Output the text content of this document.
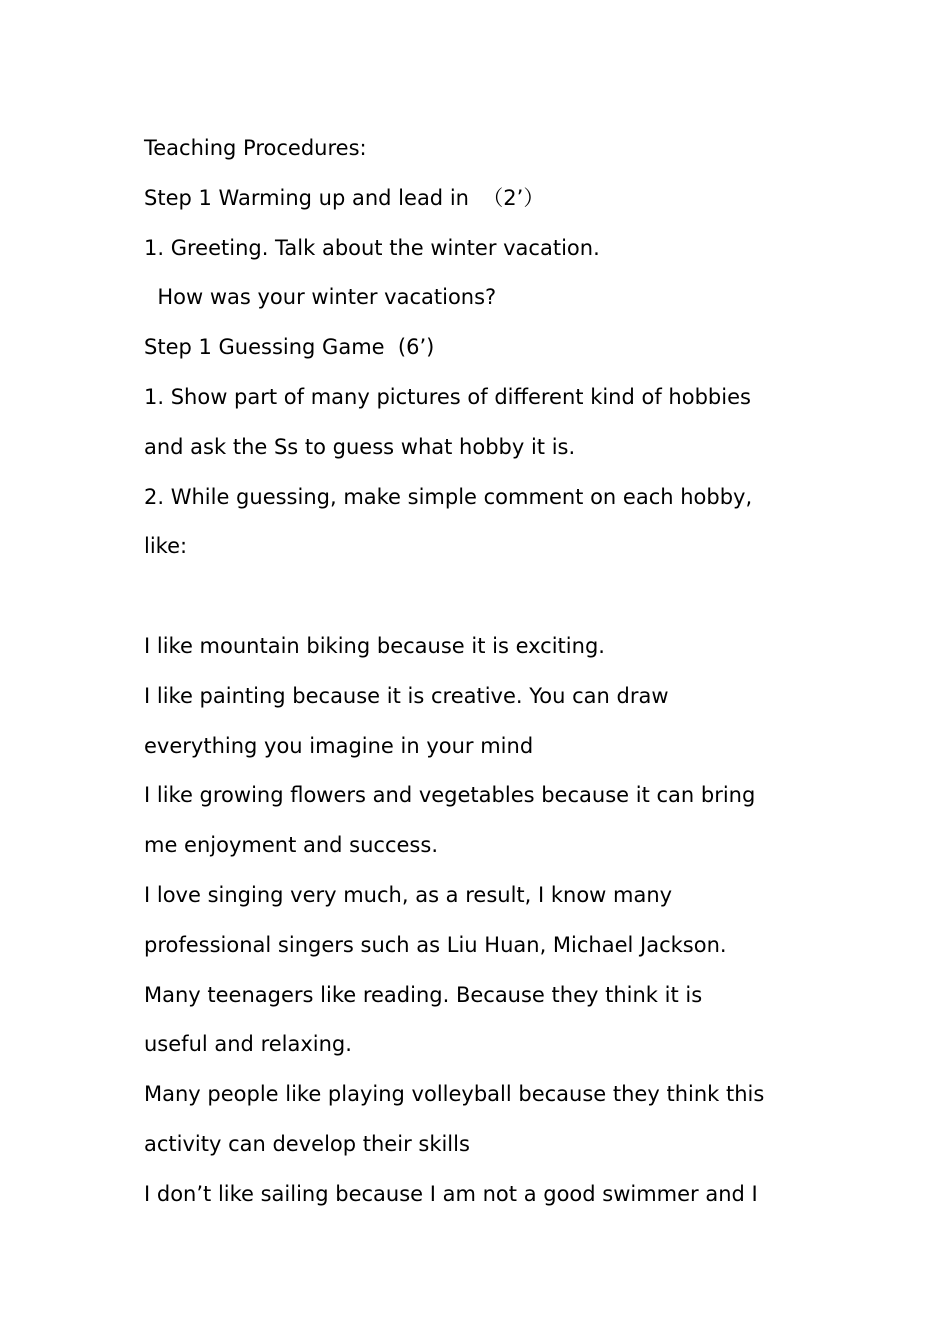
Teaching Procedures:
Step 1 Warming up and lead in  （2’）
1. Greeting. Talk about the winter vacation.
How was your winter vacations?
Step 1 Guessing Game  (6’)
1. Show part of many pictures of different kind of hobbies
and ask the Ss to guess what hobby it is.
2. While guessing, make simple comment on each hobby,
like:
I like mountain biking because it is exciting.
I like painting because it is creative. You can draw
everything you imagine in your mind
I like growing flowers and vegetables because it can bring
me enjoyment and success.
I love singing very much, as a result, I know many
professional singers such as Liu Huan, Michael Jackson.
Many teenagers like reading. Because they think it is
useful and relaxing.
Many people like playing volleyball because they think this
activity can develop their skills
I don’t like sailing because I am not a good swimmer and I
